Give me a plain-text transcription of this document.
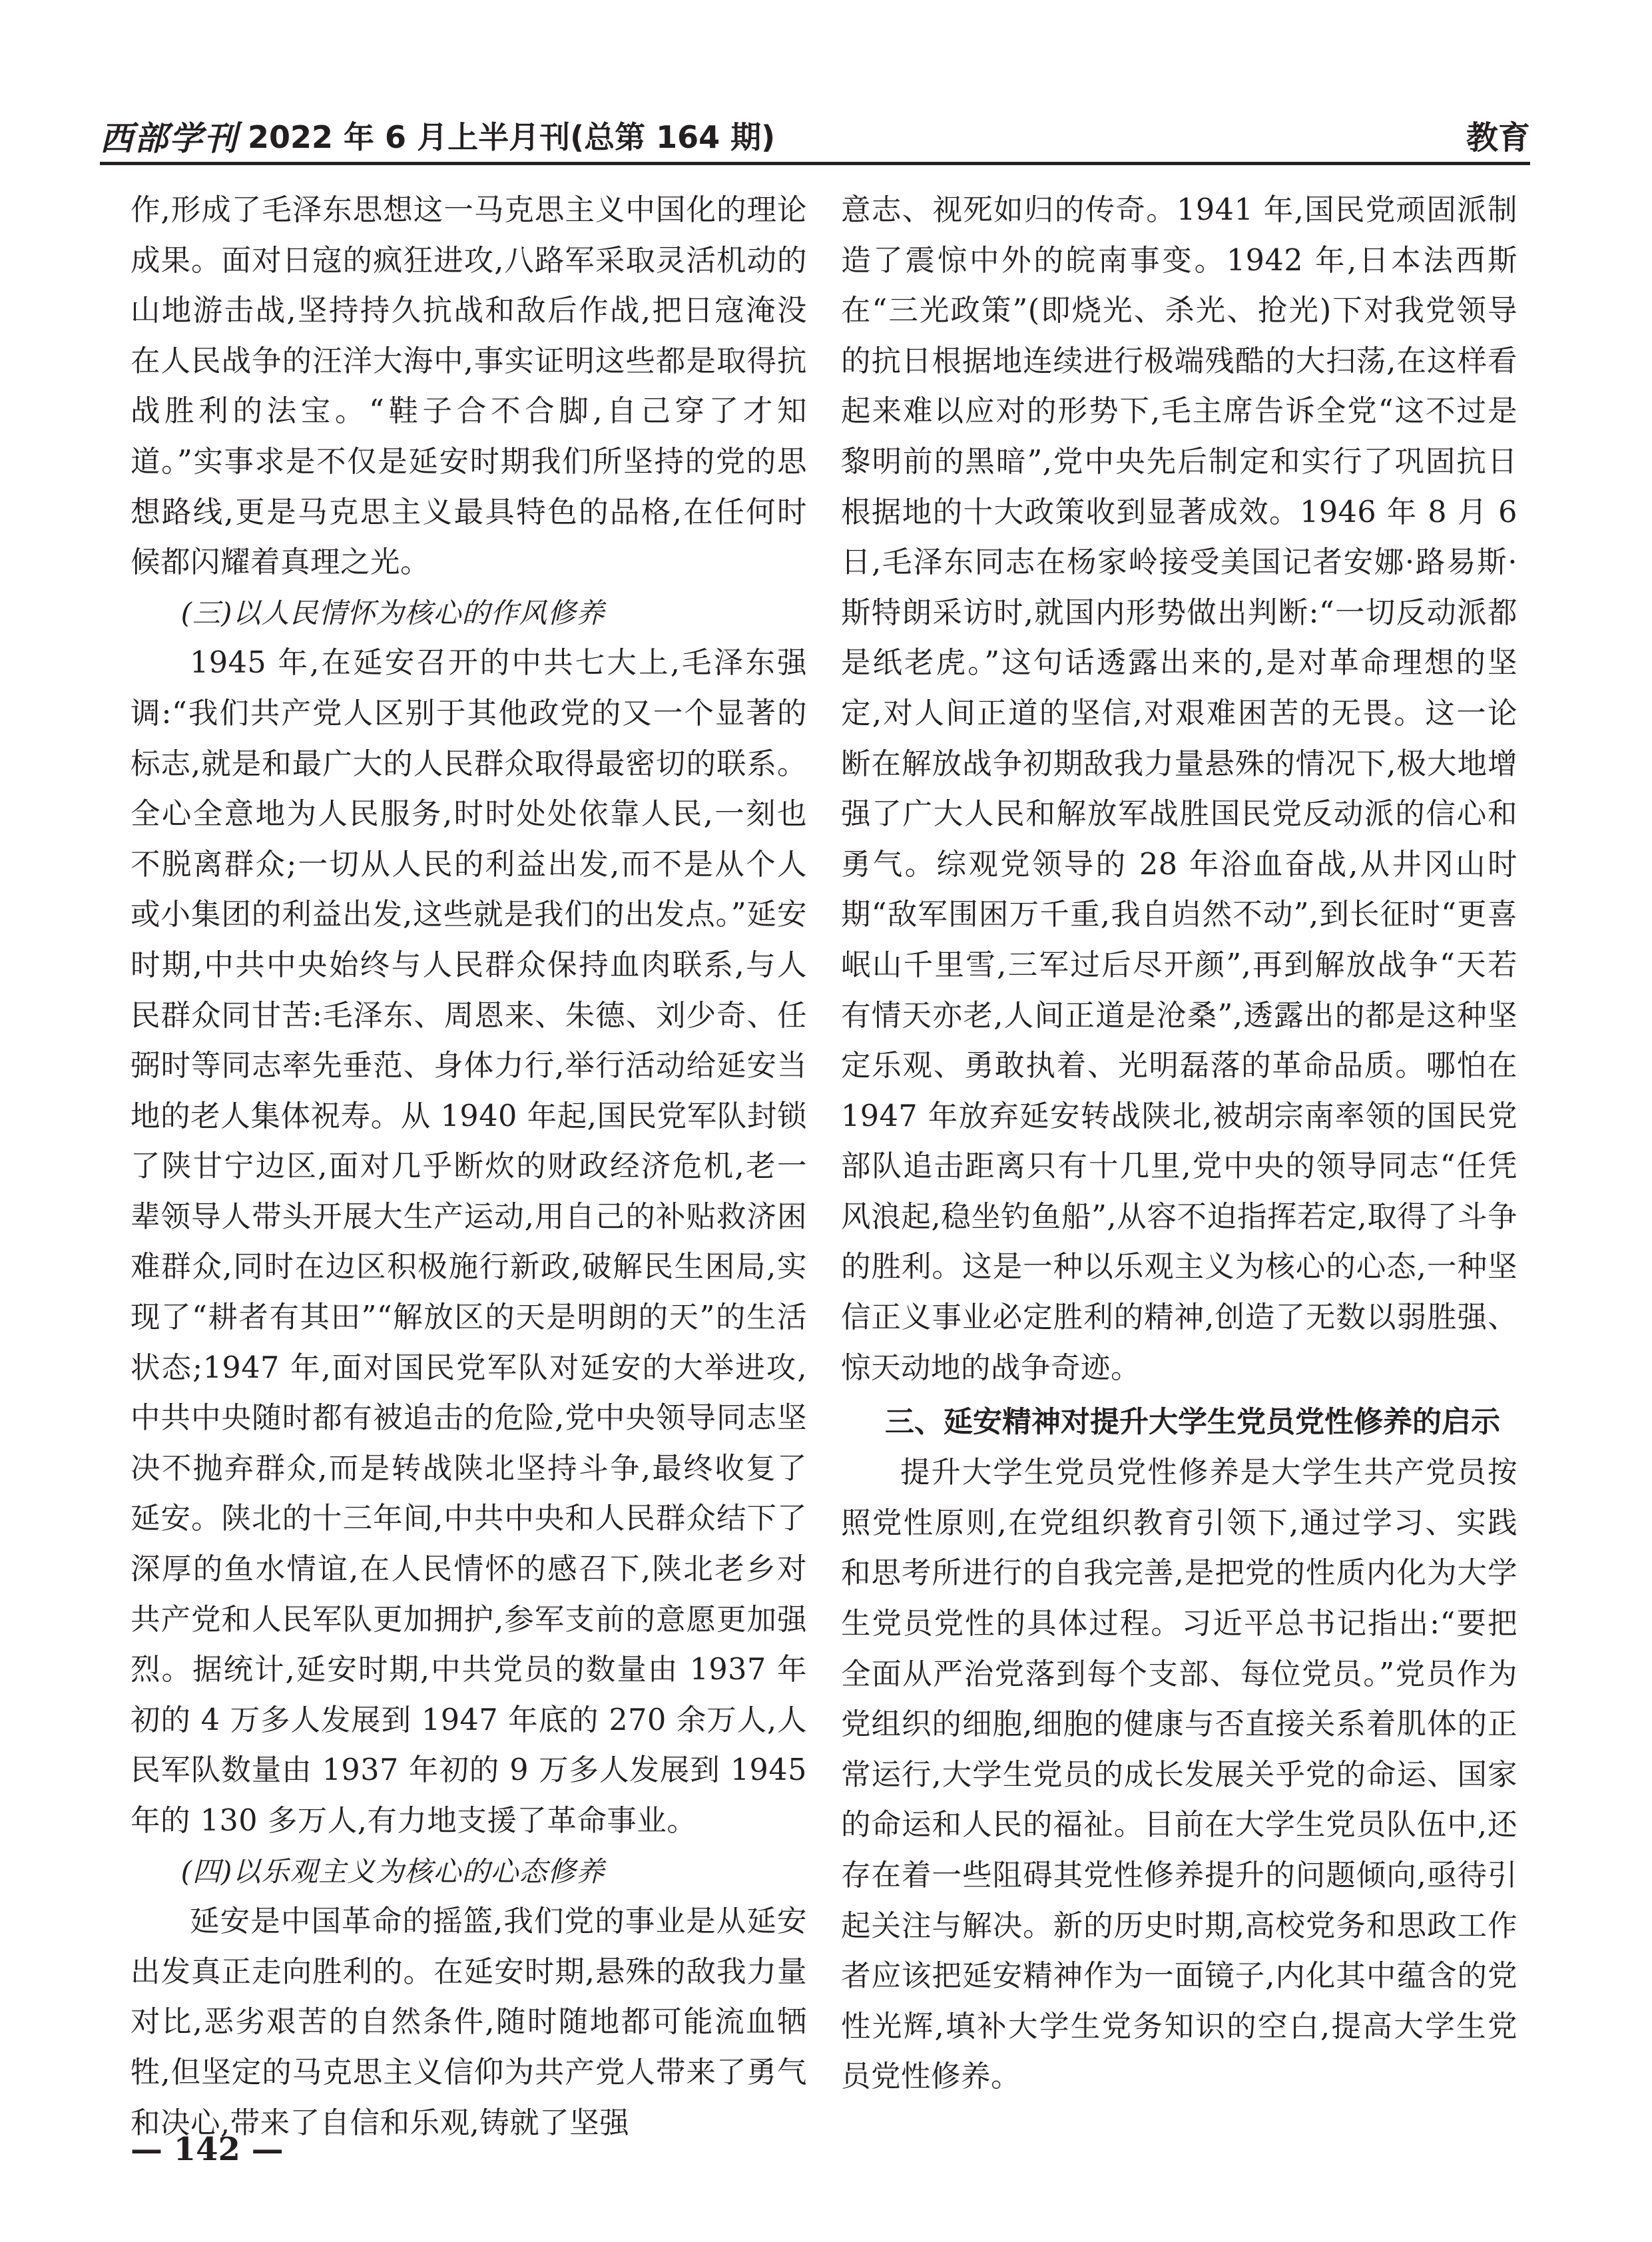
西部学刊 2022 年 6 月上半月刊(总第 164 期)	教育

作,形成了毛泽东思想这一马克思主义中国化的理论成果。面对日寇的疯狂进攻,八路军采取灵活机动的山地游击战,坚持持久抗战和敌后作战,把日寇淹没在人民战争的汪洋大海中,事实证明这些都是取得抗战胜利的法宝。“鞋子合不合脚,自己穿了才知道。”实事求是不仅是延安时期我们所坚持的党的思想路线,更是马克思主义最具特色的品格,在任何时候都闪耀着真理之光。

(三)以人民情怀为核心的作风修养

1945 年,在延安召开的中共七大上,毛泽东强调:“我们共产党人区别于其他政党的又一个显著的标志,就是和最广大的人民群众取得最密切的联系。全心全意地为人民服务,时时处处依靠人民,一刻也不脱离群众;一切从人民的利益出发,而不是从个人或小集团的利益出发,这些就是我们的出发点。”延安时期,中共中央始终与人民群众保持血肉联系,与人民群众同甘苦:毛泽东、周恩来、朱德、刘少奇、任弼时等同志率先垂范、身体力行,举行活动给延安当地的老人集体祝寿。从 1940 年起,国民党军队封锁了陕甘宁边区,面对几乎断炊的财政经济危机,老一辈领导人带头开展大生产运动,用自己的补贴救济困难群众,同时在边区积极施行新政,破解民生困局,实现了“耕者有其田”“解放区的天是明朗的天”的生活状态;1947 年,面对国民党军队对延安的大举进攻,中共中央随时都有被追击的危险,党中央领导同志坚决不抛弃群众,而是转战陕北坚持斗争,最终收复了延安。陕北的十三年间,中共中央和人民群众结下了深厚的鱼水情谊,在人民情怀的感召下,陕北老乡对共产党和人民军队更加拥护,参军支前的意愿更加强烈。据统计,延安时期,中共党员的数量由 1937 年初的 4 万多人发展到 1947 年底的 270 余万人,人民军队数量由 1937 年初的 9 万多人发展到 1945 年的 130 多万人,有力地支援了革命事业。

(四)以乐观主义为核心的心态修养

延安是中国革命的摇篮,我们党的事业是从延安出发真正走向胜利的。在延安时期,悬殊的敌我力量对比,恶劣艰苦的自然条件,随时随地都可能流血牺牲,但坚定的马克思主义信仰为共产党人带来了勇气和决心,带来了自信和乐观,铸就了坚强

意志、视死如归的传奇。1941 年,国民党顽固派制造了震惊中外的皖南事变。1942 年,日本法西斯在“三光政策”(即烧光、杀光、抢光)下对我党领导的抗日根据地连续进行极端残酷的大扫荡,在这样看起来难以应对的形势下,毛主席告诉全党“这不过是黎明前的黑暗”,党中央先后制定和实行了巩固抗日根据地的十大政策收到显著成效。1946 年 8 月 6 日,毛泽东同志在杨家岭接受美国记者安娜·路易斯·斯特朗采访时,就国内形势做出判断:“一切反动派都是纸老虎。”这句话透露出来的,是对革命理想的坚定,对人间正道的坚信,对艰难困苦的无畏。这一论断在解放战争初期敌我力量悬殊的情况下,极大地增强了广大人民和解放军战胜国民党反动派的信心和勇气。综观党领导的 28 年浴血奋战,从井冈山时期“敌军围困万千重,我自岿然不动”,到长征时“更喜岷山千里雪,三军过后尽开颜”,再到解放战争“天若有情天亦老,人间正道是沧桑”,透露出的都是这种坚定乐观、勇敢执着、光明磊落的革命品质。哪怕在 1947 年放弃延安转战陕北,被胡宗南率领的国民党部队追击距离只有十几里,党中央的领导同志“任凭风浪起,稳坐钓鱼船”,从容不迫指挥若定,取得了斗争的胜利。这是一种以乐观主义为核心的心态,一种坚信正义事业必定胜利的精神,创造了无数以弱胜强、惊天动地的战争奇迹。

三、延安精神对提升大学生党员党性修养的启示

提升大学生党员党性修养是大学生共产党员按照党性原则,在党组织教育引领下,通过学习、实践和思考所进行的自我完善,是把党的性质内化为大学生党员党性的具体过程。习近平总书记指出:“要把全面从严治党落到每个支部、每位党员。”党员作为党组织的细胞,细胞的健康与否直接关系着肌体的正常运行,大学生党员的成长发展关乎党的命运、国家的命运和人民的福祉。目前在大学生党员队伍中,还存在着一些阻碍其党性修养提升的问题倾向,亟待引起关注与解决。新的历史时期,高校党务和思政工作者应该把延安精神作为一面镜子,内化其中蕴含的党性光辉,填补大学生党务知识的空白,提高大学生党员党性修养。

— 142 —
